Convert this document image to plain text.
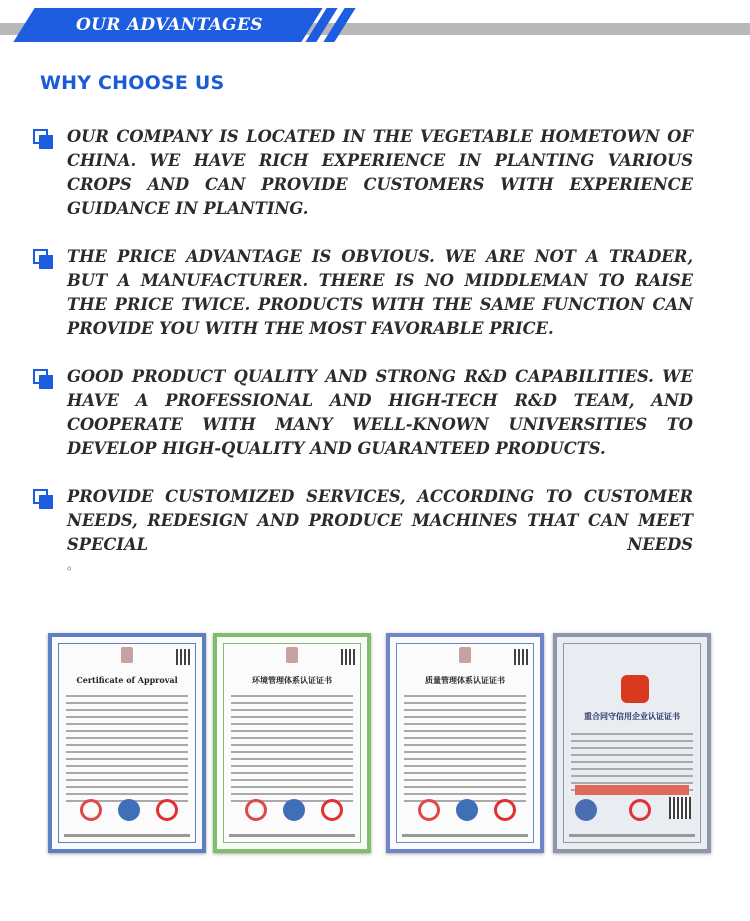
OUR ADVANTAGES
WHY CHOOSE US
OUR COMPANY IS LOCATED IN THE VEGETABLE HOMETOWN OF CHINA. WE HAVE RICH EXPERIENCE IN PLANTING VARIOUS CROPS AND CAN PROVIDE CUSTOMERS WITH EXPERIENCE GUIDANCE IN PLANTING.
THE PRICE ADVANTAGE IS OBVIOUS. WE ARE NOT A TRADER, BUT A MANUFACTURER. THERE IS NO MIDDLEMAN TO RAISE THE PRICE TWICE. PRODUCTS WITH THE SAME FUNCTION CAN PROVIDE YOU WITH THE MOST FAVORABLE PRICE.
GOOD PRODUCT QUALITY AND STRONG R&D CAPABILITIES. WE HAVE A PROFESSIONAL AND HIGH-TECH R&D TEAM, AND COOPERATE WITH MANY WELL-KNOWN UNIVERSITIES TO DEVELOP HIGH-QUALITY AND GUARANTEED PRODUCTS.
PROVIDE CUSTOMIZED SERVICES, ACCORDING TO CUSTOMER NEEDS, REDESIGN AND PRODUCE MACHINES THAT CAN MEET SPECIAL NEEDS
。
Certificate of Approval	环境管理体系认证证书	质量管理体系认证证书
重合同守信用企业认证证书
